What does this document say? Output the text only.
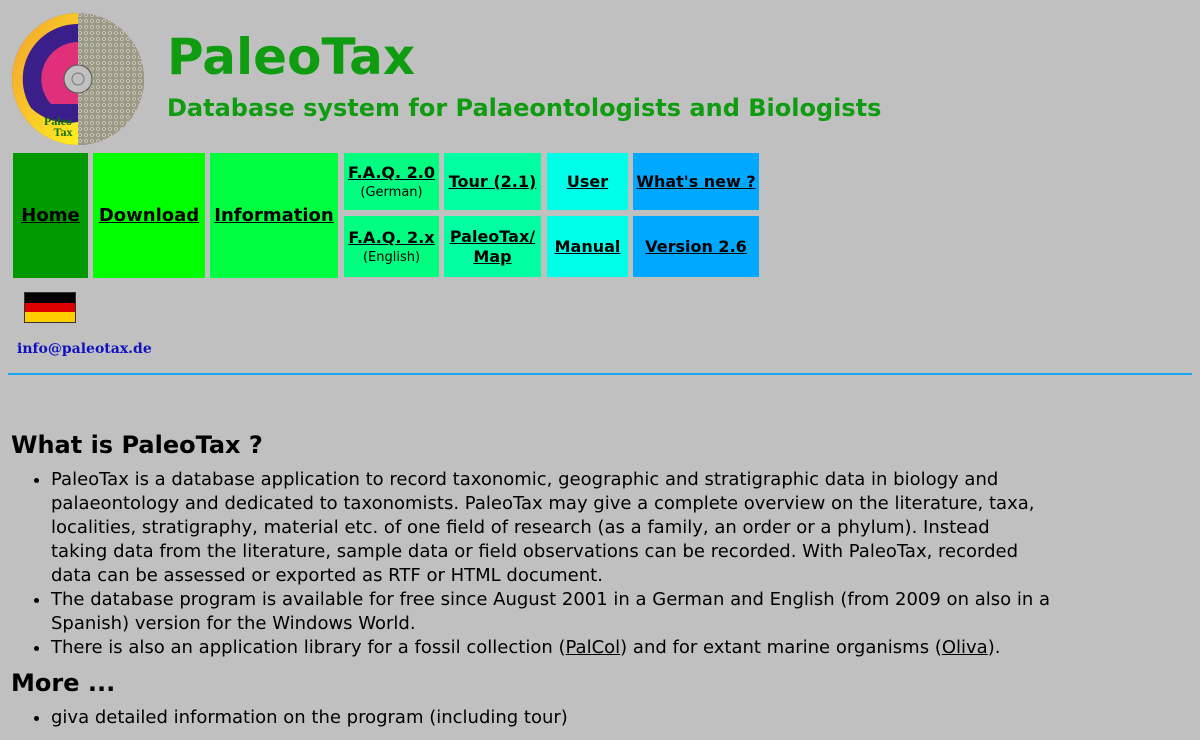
Paleo
Tax
PaleoTax
Database system for Palaeontologists and Biologists
Home Download Information
F.A.Q. 2.0
(German)
F.A.Q. 2.x
(English)
Tour (2.1)
PaleoTax/
Map
User
Manual
What's new ?
Version 2.6
info@paleotax.de
What is PaleoTax ?
• PaleoTax is a database application to record taxonomic, geographic and stratigraphic data in biology and palaeontology and dedicated to taxonomists. PaleoTax may give a complete overview on the literature, taxa, localities, stratigraphy, material etc. of one field of research (as a family, an order or a phylum). Instead taking data from the literature, sample data or field observations can be recorded. With PaleoTax, recorded data can be assessed or exported as RTF or HTML document.
• The database program is available for free since August 2001 in a German and English (from 2009 on also in a Spanish) version for the Windows World.
• There is also an application library for a fossil collection (PalCol) and for extant marine organisms (Oliva).
More ...
• giva detailed information on the program (including tour)
